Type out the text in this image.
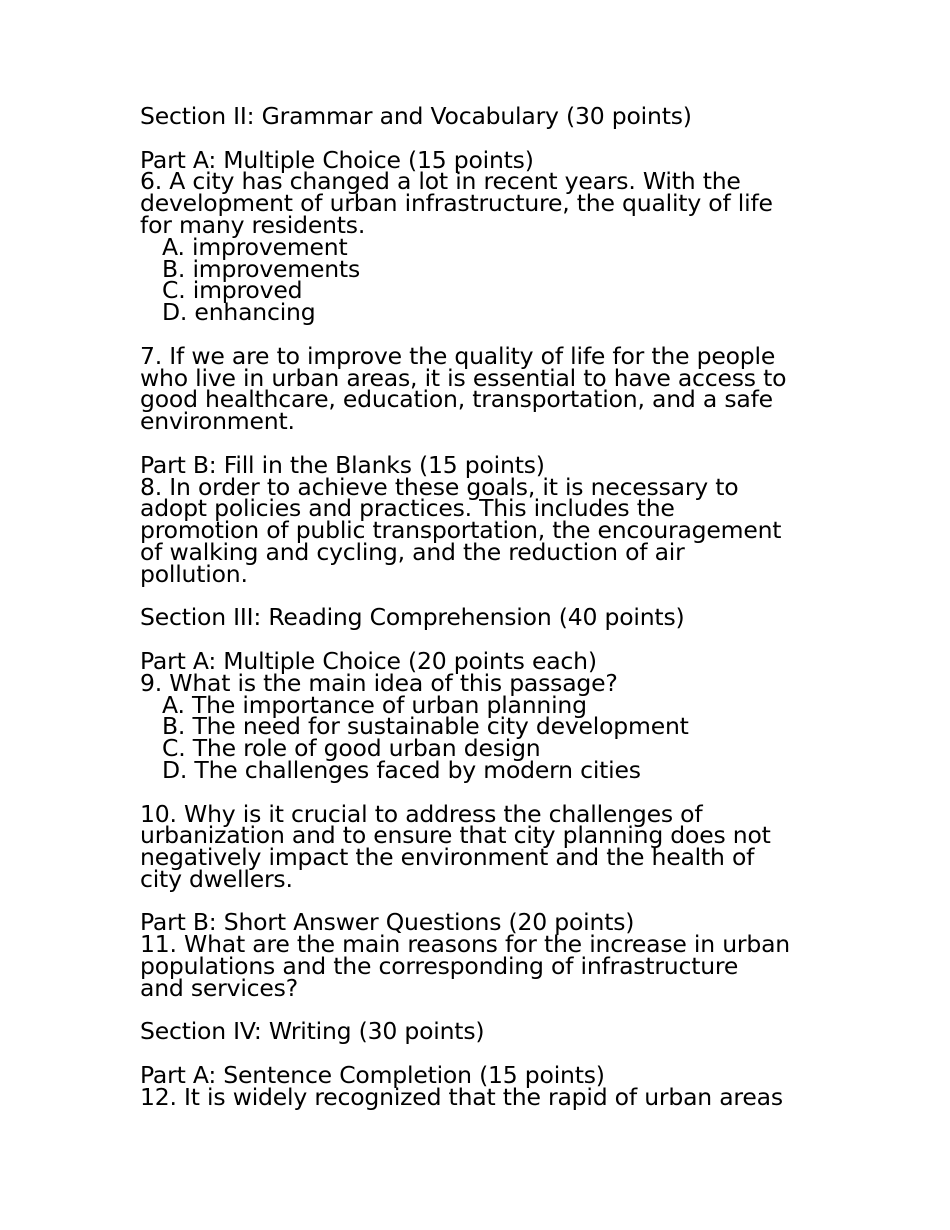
Section II: Grammar and Vocabulary (30 points)
Part A: Multiple Choice (15 points)
6. A city has changed a lot in recent years. With the
development of urban infrastructure, the quality of life
for many residents.
A. improvement
B. improvements
C. improved
D. enhancing
7. If we are to improve the quality of life for the people
who live in urban areas, it is essential to have access to
good healthcare, education, transportation, and a safe
environment.
Part B: Fill in the Blanks (15 points)
8. In order to achieve these goals, it is necessary to
adopt policies and practices. This includes the
promotion of public transportation, the encouragement
of walking and cycling, and the reduction of air
pollution.
Section III: Reading Comprehension (40 points)
Part A: Multiple Choice (20 points each)
9. What is the main idea of this passage?
A. The importance of urban planning
B. The need for sustainable city development
C. The role of good urban design
D. The challenges faced by modern cities
10. Why is it crucial to address the challenges of
urbanization and to ensure that city planning does not
negatively impact the environment and the health of
city dwellers.
Part B: Short Answer Questions (20 points)
11. What are the main reasons for the increase in urban
populations and the corresponding of infrastructure
and services?
Section IV: Writing (30 points)
Part A: Sentence Completion (15 points)
12. It is widely recognized that the rapid of urban areas
